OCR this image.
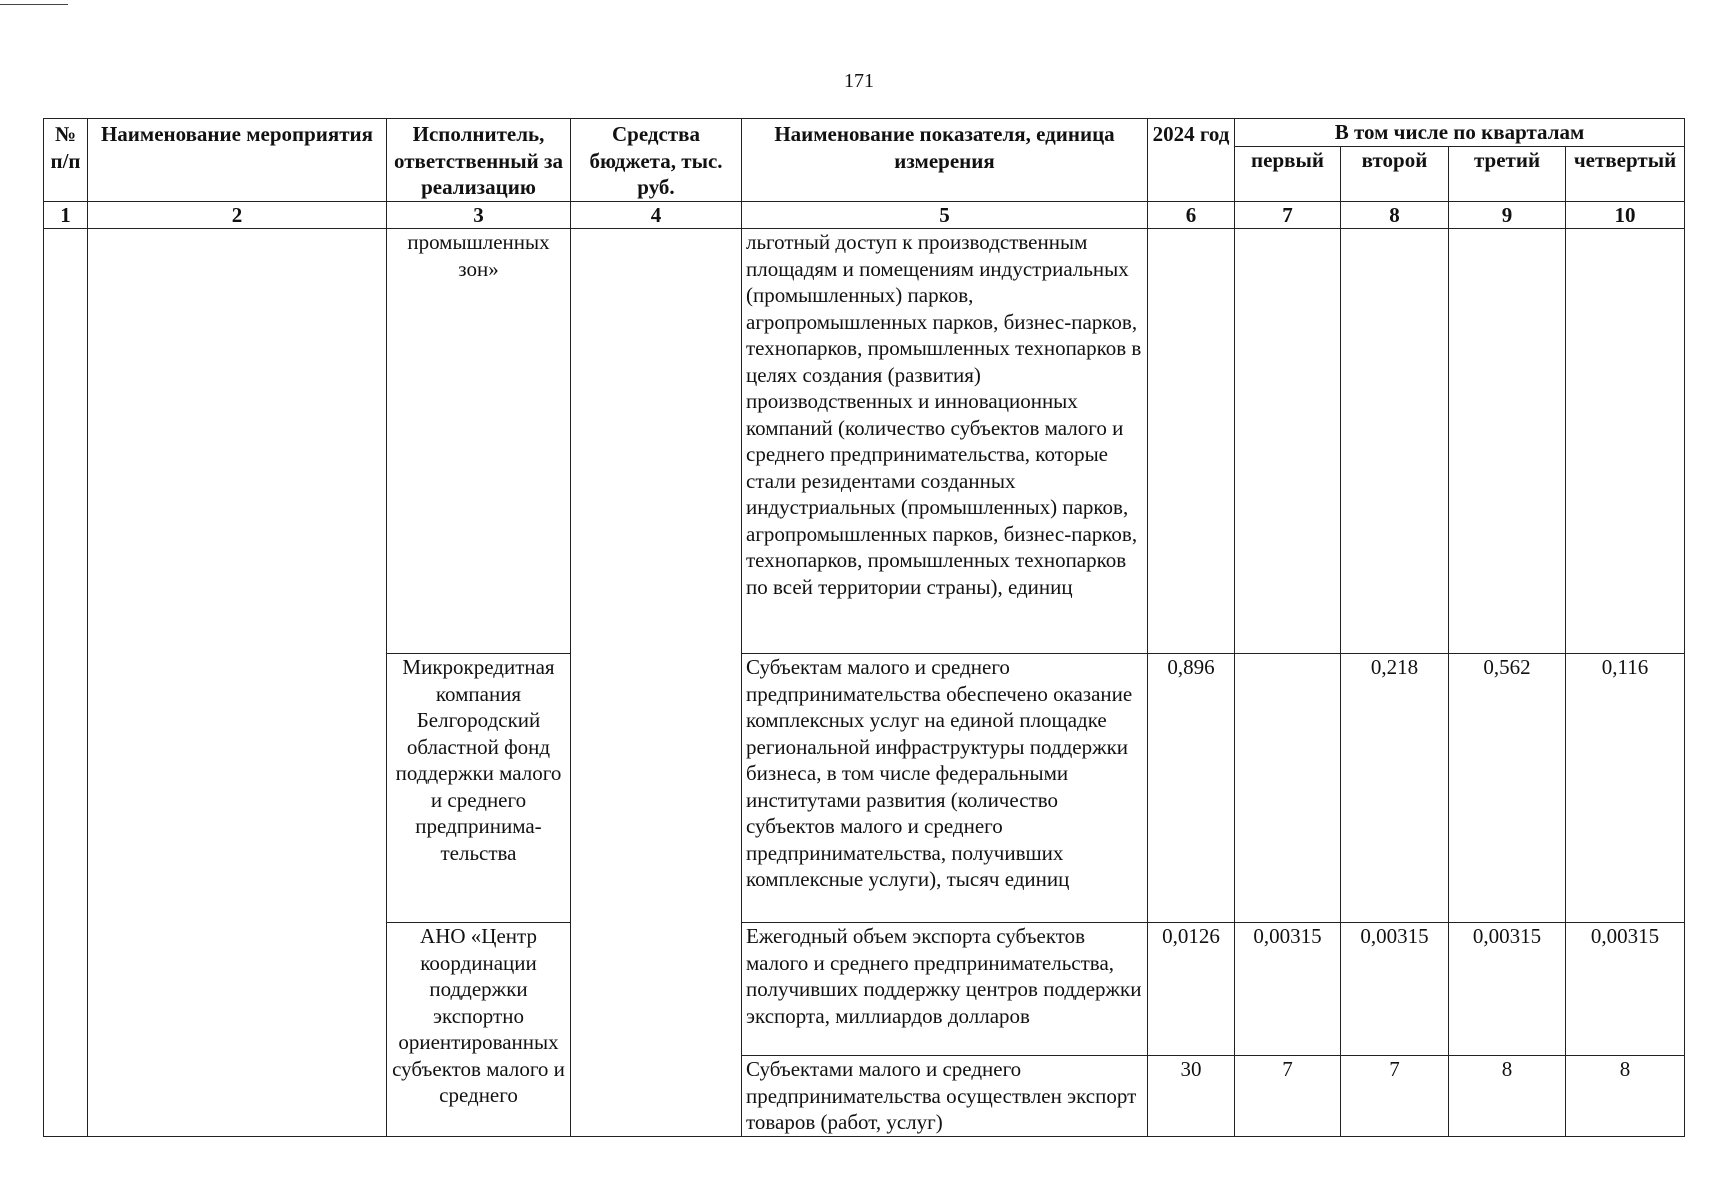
171
№ п/п	Наименование мероприятия	Исполнитель, ответственный за реализацию	Средства бюджета, тыс. руб.	Наименование показателя, единица измерения	2024 год	В том числе по кварталам			
						первый	второй	третий	четвертый
1	2	3	4	5	6	7	8	9	10
		промышленных зон»		льготный доступ к производственным площадям и помещениям индустриальных (промышленных) парков, агропромышленных парков, бизнес-парков, технопарков, промышленных технопарков в целях создания (развития) производственных и инновационных компаний (количество субъектов малого и среднего предпринимательства, которые стали резидентами созданных индустриальных (промышленных) парков, агропромышленных парков, бизнес-парков, технопарков, промышленных технопарков по всей территории страны), единиц					
		Микрокредитная компания Белгородский областной фонд поддержки малого и среднего предпринима-тельства		Субъектам малого и среднего предпринимательства обеспечено оказание комплексных услуг на единой площадке региональной инфраструктуры поддержки бизнеса, в том числе федеральными институтами развития (количество субъектов малого и среднего предпринимательства, получивших комплексные услуги), тысяч единиц	0,896		0,218	0,562	0,116
		АНО «Центр координации поддержки экспортно ориентированных субъектов малого и среднего		Ежегодный объем экспорта субъектов малого и среднего предпринимательства, получивших поддержку центров поддержки экспорта, миллиардов долларов	0,0126	0,00315	0,00315	0,00315	0,00315
				Субъектами малого и среднего предпринимательства осуществлен экспорт товаров (работ, услуг)	30	7	7	8	8
